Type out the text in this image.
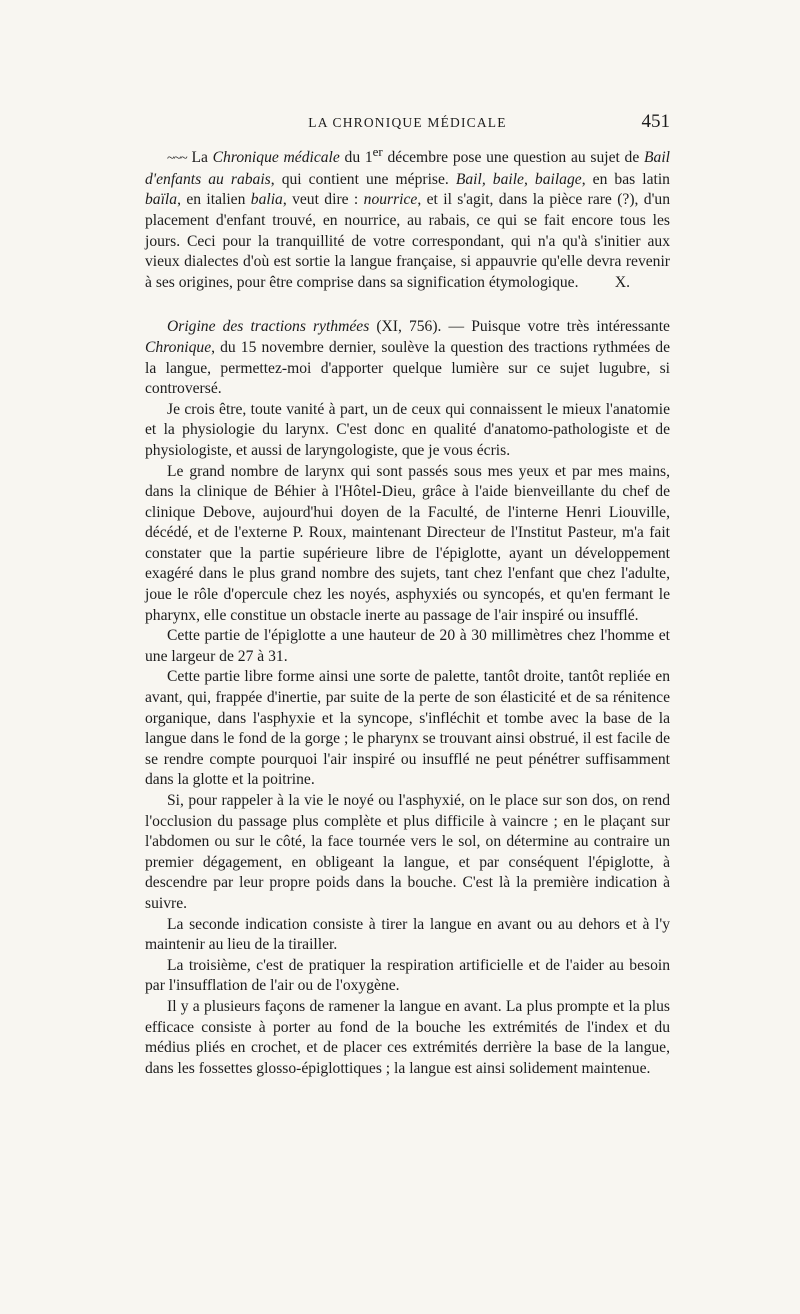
LA CHRONIQUE MÉDICALE	451

~~~ La Chronique médicale du 1er décembre pose une question au sujet de Bail d'enfants au rabais, qui contient une méprise. Bail, baile, bailage, en bas latin baïla, en italien balia, veut dire : nourrice, et il s'agit, dans la pièce rare (?), d'un placement d'enfant trouvé, en nourrice, au rabais, ce qui se fait encore tous les jours. Ceci pour la tranquillité de votre correspondant, qui n'a qu'à s'initier aux vieux dialectes d'où est sortie la langue française, si appauvrie qu'elle devra revenir à ses origines, pour être comprise dans sa signification étymologique.	X.

Origine des tractions rythmées (XI, 756). — Puisque votre très intéressante Chronique, du 15 novembre dernier, soulève la question des tractions rythmées de la langue, permettez-moi d'apporter quelque lumière sur ce sujet lugubre, si controversé.

Je crois être, toute vanité à part, un de ceux qui connaissent le mieux l'anatomie et la physiologie du larynx. C'est donc en qualité d'anatomo-pathologiste et de physiologiste, et aussi de laryngologiste, que je vous écris.

Le grand nombre de larynx qui sont passés sous mes yeux et par mes mains, dans la clinique de Béhier à l'Hôtel-Dieu, grâce à l'aide bienveillante du chef de clinique Debove, aujourd'hui doyen de la Faculté, de l'interne Henri Liouville, décédé, et de l'externe P. Roux, maintenant Directeur de l'Institut Pasteur, m'a fait constater que la partie supérieure libre de l'épiglotte, ayant un développement exagéré dans le plus grand nombre des sujets, tant chez l'enfant que chez l'adulte, joue le rôle d'opercule chez les noyés, asphyxiés ou syncopés, et qu'en fermant le pharynx, elle constitue un obstacle inerte au passage de l'air inspiré ou insufflé.

Cette partie de l'épiglotte a une hauteur de 20 à 30 millimètres chez l'homme et une largeur de 27 à 31.

Cette partie libre forme ainsi une sorte de palette, tantôt droite, tantôt repliée en avant, qui, frappée d'inertie, par suite de la perte de son élasticité et de sa rénitence organique, dans l'asphyxie et la syncope, s'infléchit et tombe avec la base de la langue dans le fond de la gorge ; le pharynx se trouvant ainsi obstrué, il est facile de se rendre compte pourquoi l'air inspiré ou insufflé ne peut pénétrer suffisamment dans la glotte et la poitrine.

Si, pour rappeler à la vie le noyé ou l'asphyxié, on le place sur son dos, on rend l'occlusion du passage plus complète et plus difficile à vaincre ; en le plaçant sur l'abdomen ou sur le côté, la face tournée vers le sol, on détermine au contraire un premier dégagement, en obligeant la langue, et par conséquent l'épiglotte, à descendre par leur propre poids dans la bouche. C'est là la première indication à suivre.

La seconde indication consiste à tirer la langue en avant ou au dehors et à l'y maintenir au lieu de la tirailler.

La troisième, c'est de pratiquer la respiration artificielle et de l'aider au besoin par l'insufflation de l'air ou de l'oxygène.

Il y a plusieurs façons de ramener la langue en avant. La plus prompte et la plus efficace consiste à porter au fond de la bouche les extrémités de l'index et du médius pliés en crochet, et de placer ces extrémités derrière la base de la langue, dans les fossettes glosso-épiglottiques ; la langue est ainsi solidement maintenue.
